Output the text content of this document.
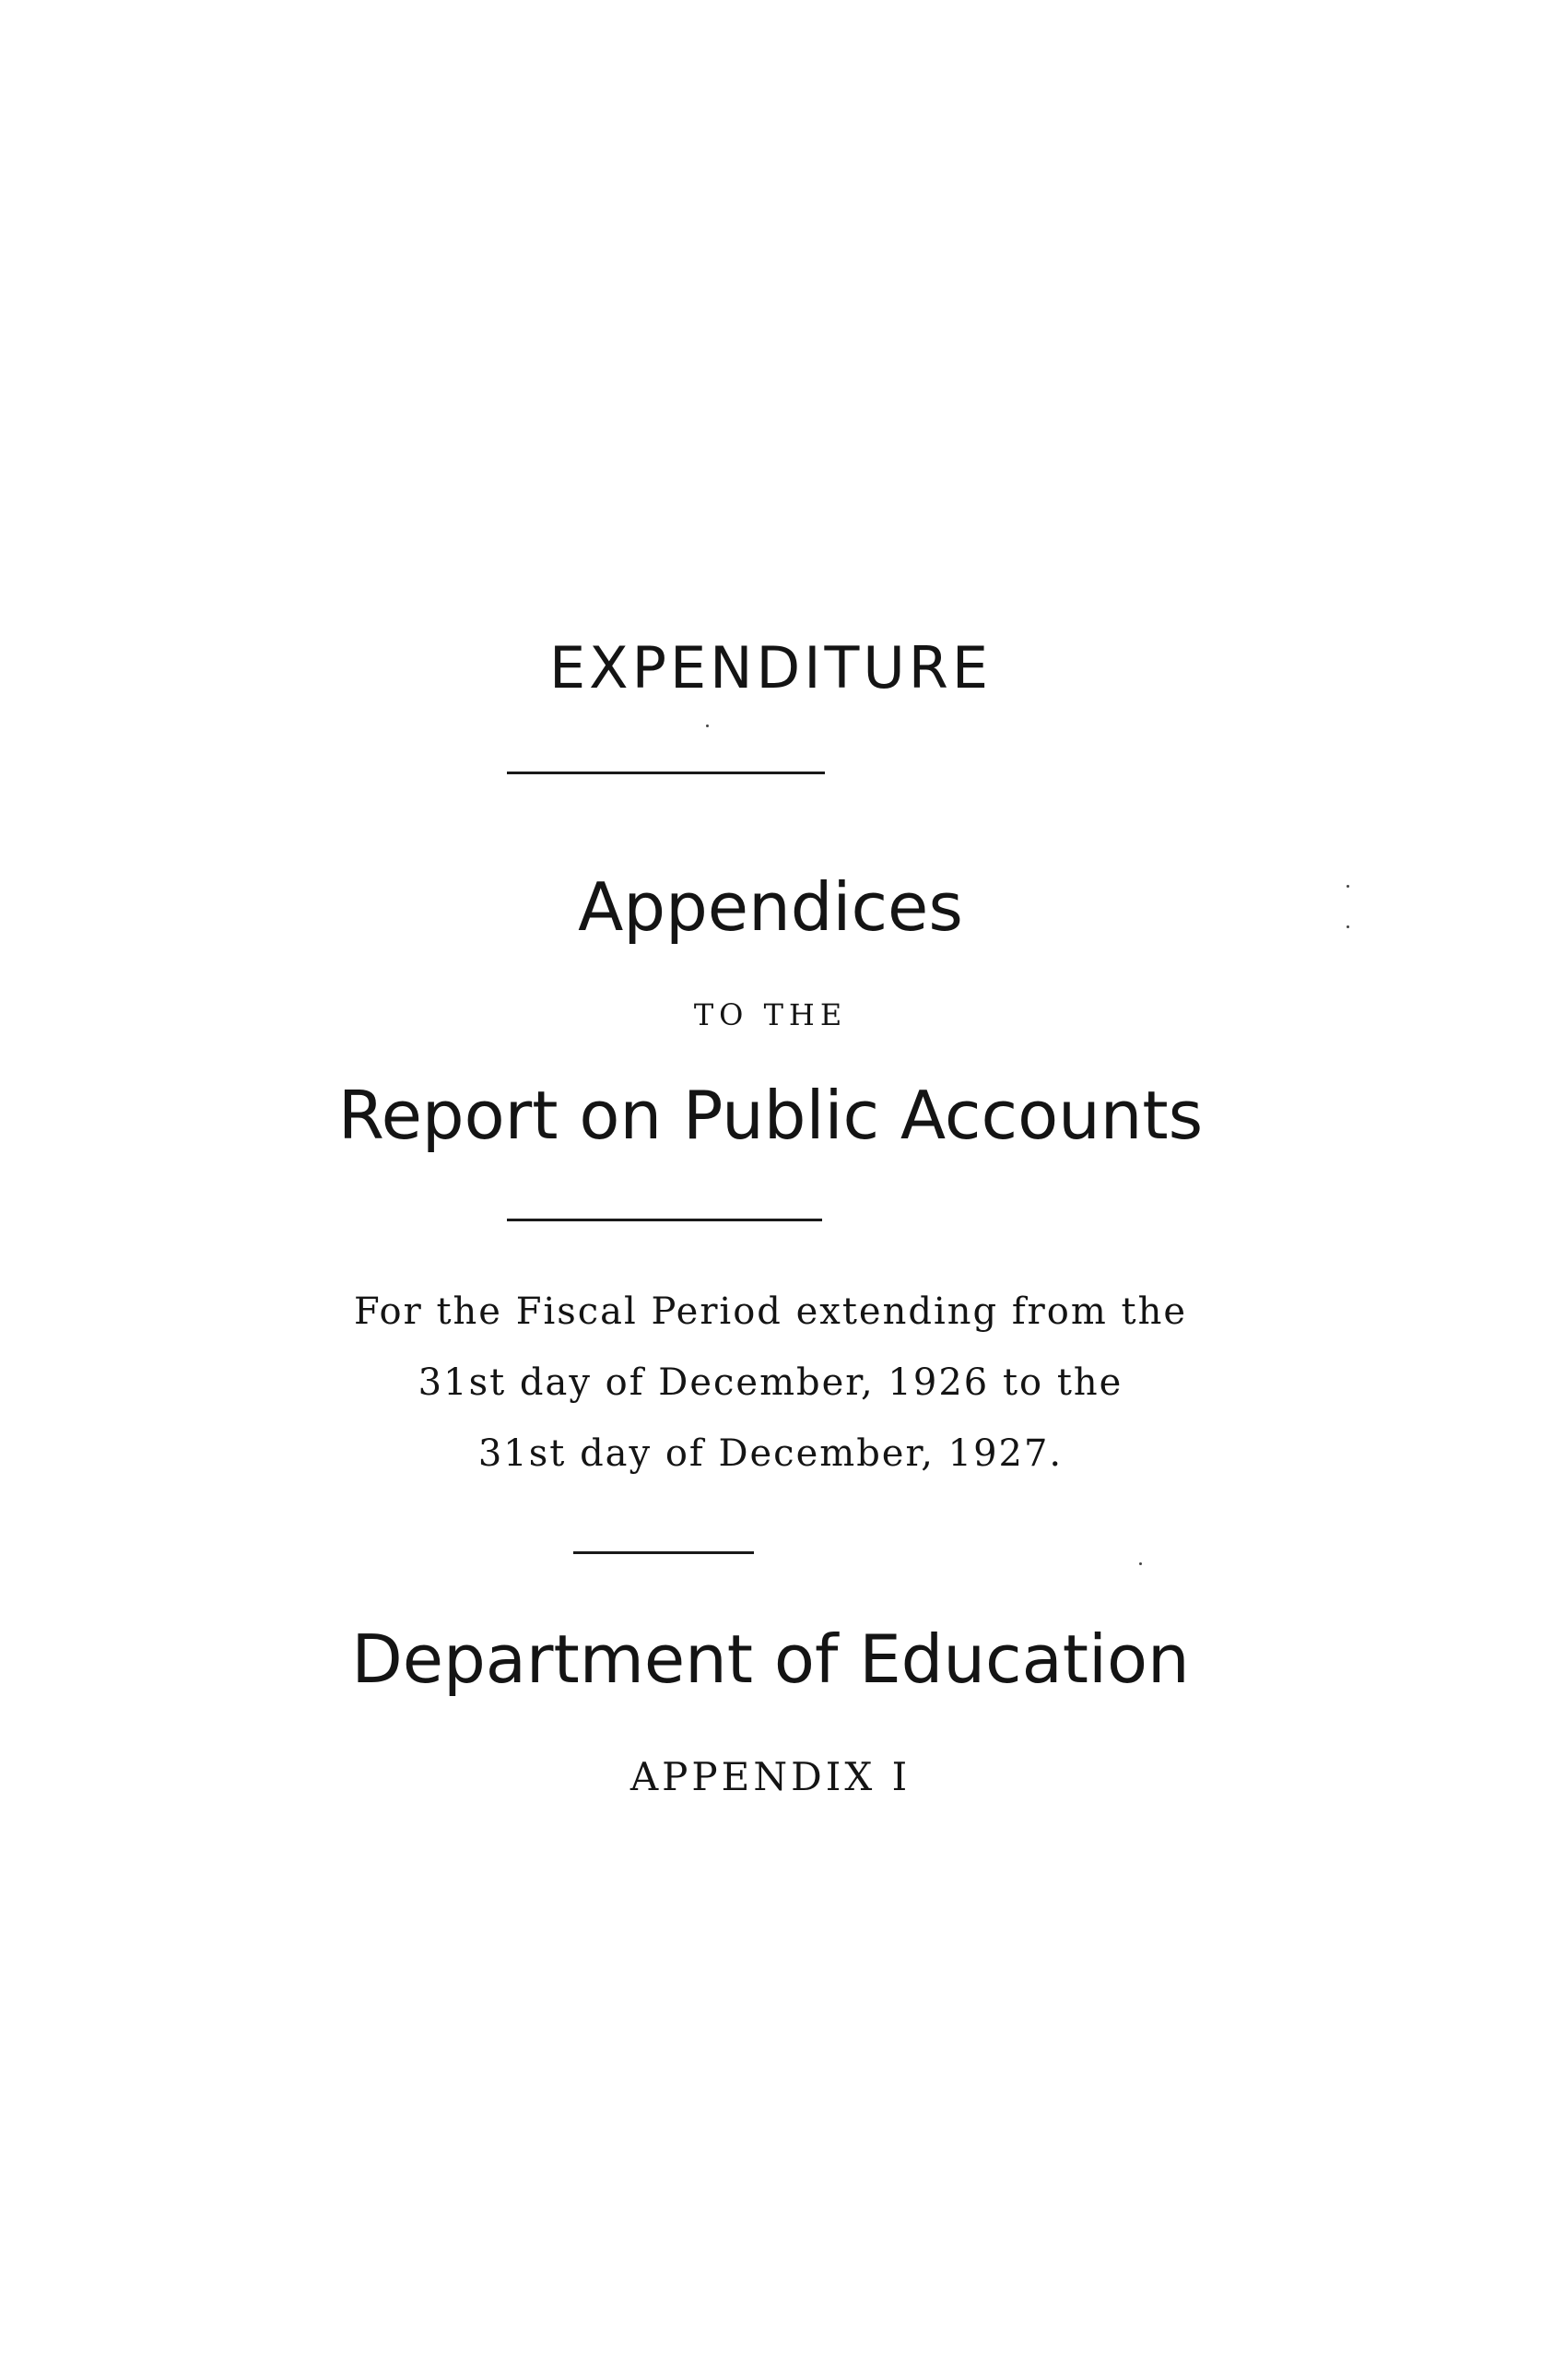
EXPENDITURE
Appendices
TO THE
Report on Public Accounts
For the Fiscal Period extending from the
31st day of December, 1926 to the
31st day of December, 1927.
Department of Education
APPENDIX I
